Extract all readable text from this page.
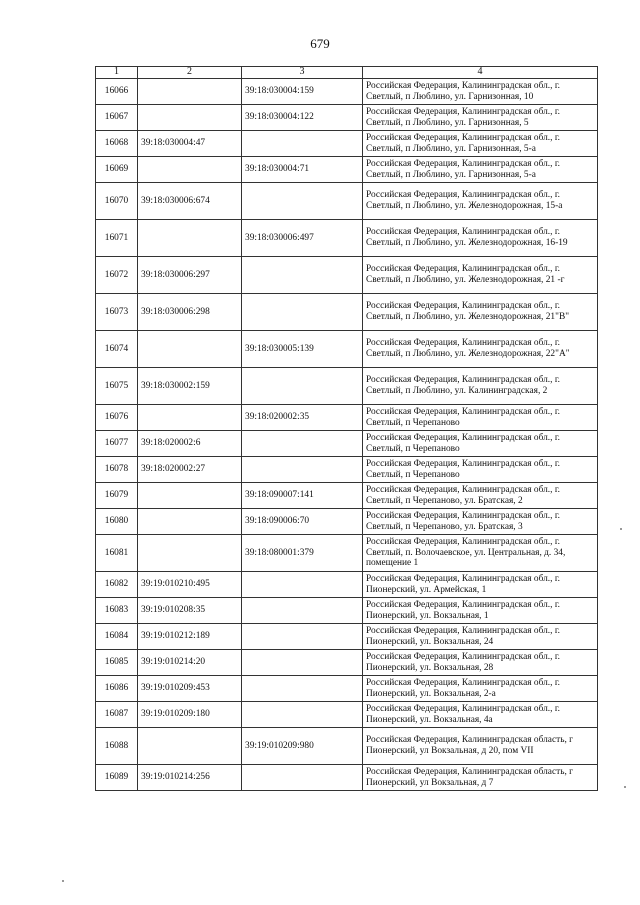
679
1	2	3	4
16066		39:18:030004:159	Российская Федерация, Калининградская обл., г. Светлый, п Люблино, ул. Гарнизонная, 10
16067		39:18:030004:122	Российская Федерация, Калининградская обл., г. Светлый, п Люблино, ул. Гарнизонная, 5
16068	39:18:030004:47		Российская Федерация, Калининградская обл., г. Светлый, п Люблино, ул. Гарнизонная, 5-а
16069		39:18:030004:71	Российская Федерация, Калининградская обл., г. Светлый, п Люблино, ул. Гарнизонная, 5-а
16070	39:18:030006:674		Российская Федерация, Калининградская обл., г. Светлый, п Люблино, ул. Железнодорожная, 15-а
16071		39:18:030006:497	Российская Федерация, Калининградская обл., г. Светлый, п Люблино, ул. Железнодорожная, 16-19
16072	39:18:030006:297		Российская Федерация, Калининградская обл., г. Светлый, п Люблино, ул. Железнодорожная, 21 -г
16073	39:18:030006:298		Российская Федерация, Калининградская обл., г. Светлый, п Люблино, ул. Железнодорожная, 21"В"
16074		39:18:030005:139	Российская Федерация, Калининградская обл., г. Светлый, п Люблино, ул. Железнодорожная, 22"А"
16075	39:18:030002:159		Российская Федерация, Калининградская обл., г. Светлый, п Люблино, ул. Калининградская, 2
16076		39:18:020002:35	Российская Федерация, Калининградская обл., г. Светлый, п Черепаново
16077	39:18:020002:6		Российская Федерация, Калининградская обл., г. Светлый, п Черепаново
16078	39:18:020002:27		Российская Федерация, Калининградская обл., г. Светлый, п Черепаново
16079		39:18:090007:141	Российская Федерация, Калининградская обл., г. Светлый, п Черепаново, ул. Братская, 2
16080		39:18:090006:70	Российская Федерация, Калининградская обл., г. Светлый, п Черепаново, ул. Братская, 3
16081		39:18:080001:379	Российская Федерация, Калининградская обл., г. Светлый, п. Волочаевское, ул. Центральная, д. 34, помещение 1
16082	39:19:010210:495		Российская Федерация, Калининградская обл., г. Пионерский, ул. Армейская, 1
16083	39:19:010208:35		Российская Федерация, Калининградская обл., г. Пионерский, ул. Вокзальная, 1
16084	39:19:010212:189		Российская Федерация, Калининградская обл., г. Пионерский, ул. Вокзальная, 24
16085	39:19:010214:20		Российская Федерация, Калининградская обл., г. Пионерский, ул. Вокзальная, 28
16086	39:19:010209:453		Российская Федерация, Калининградская обл., г. Пионерский, ул. Вокзальная, 2-а
16087	39:19:010209:180		Российская Федерация, Калининградская обл., г. Пионерский, ул. Вокзальная, 4а
16088		39:19:010209:980	Российская Федерация, Калининградская область, г Пионерский, ул Вокзальная, д 20, пом VII
16089	39:19:010214:256		Российская Федерация, Калининградская область, г Пионерский, ул Вокзальная, д 7
